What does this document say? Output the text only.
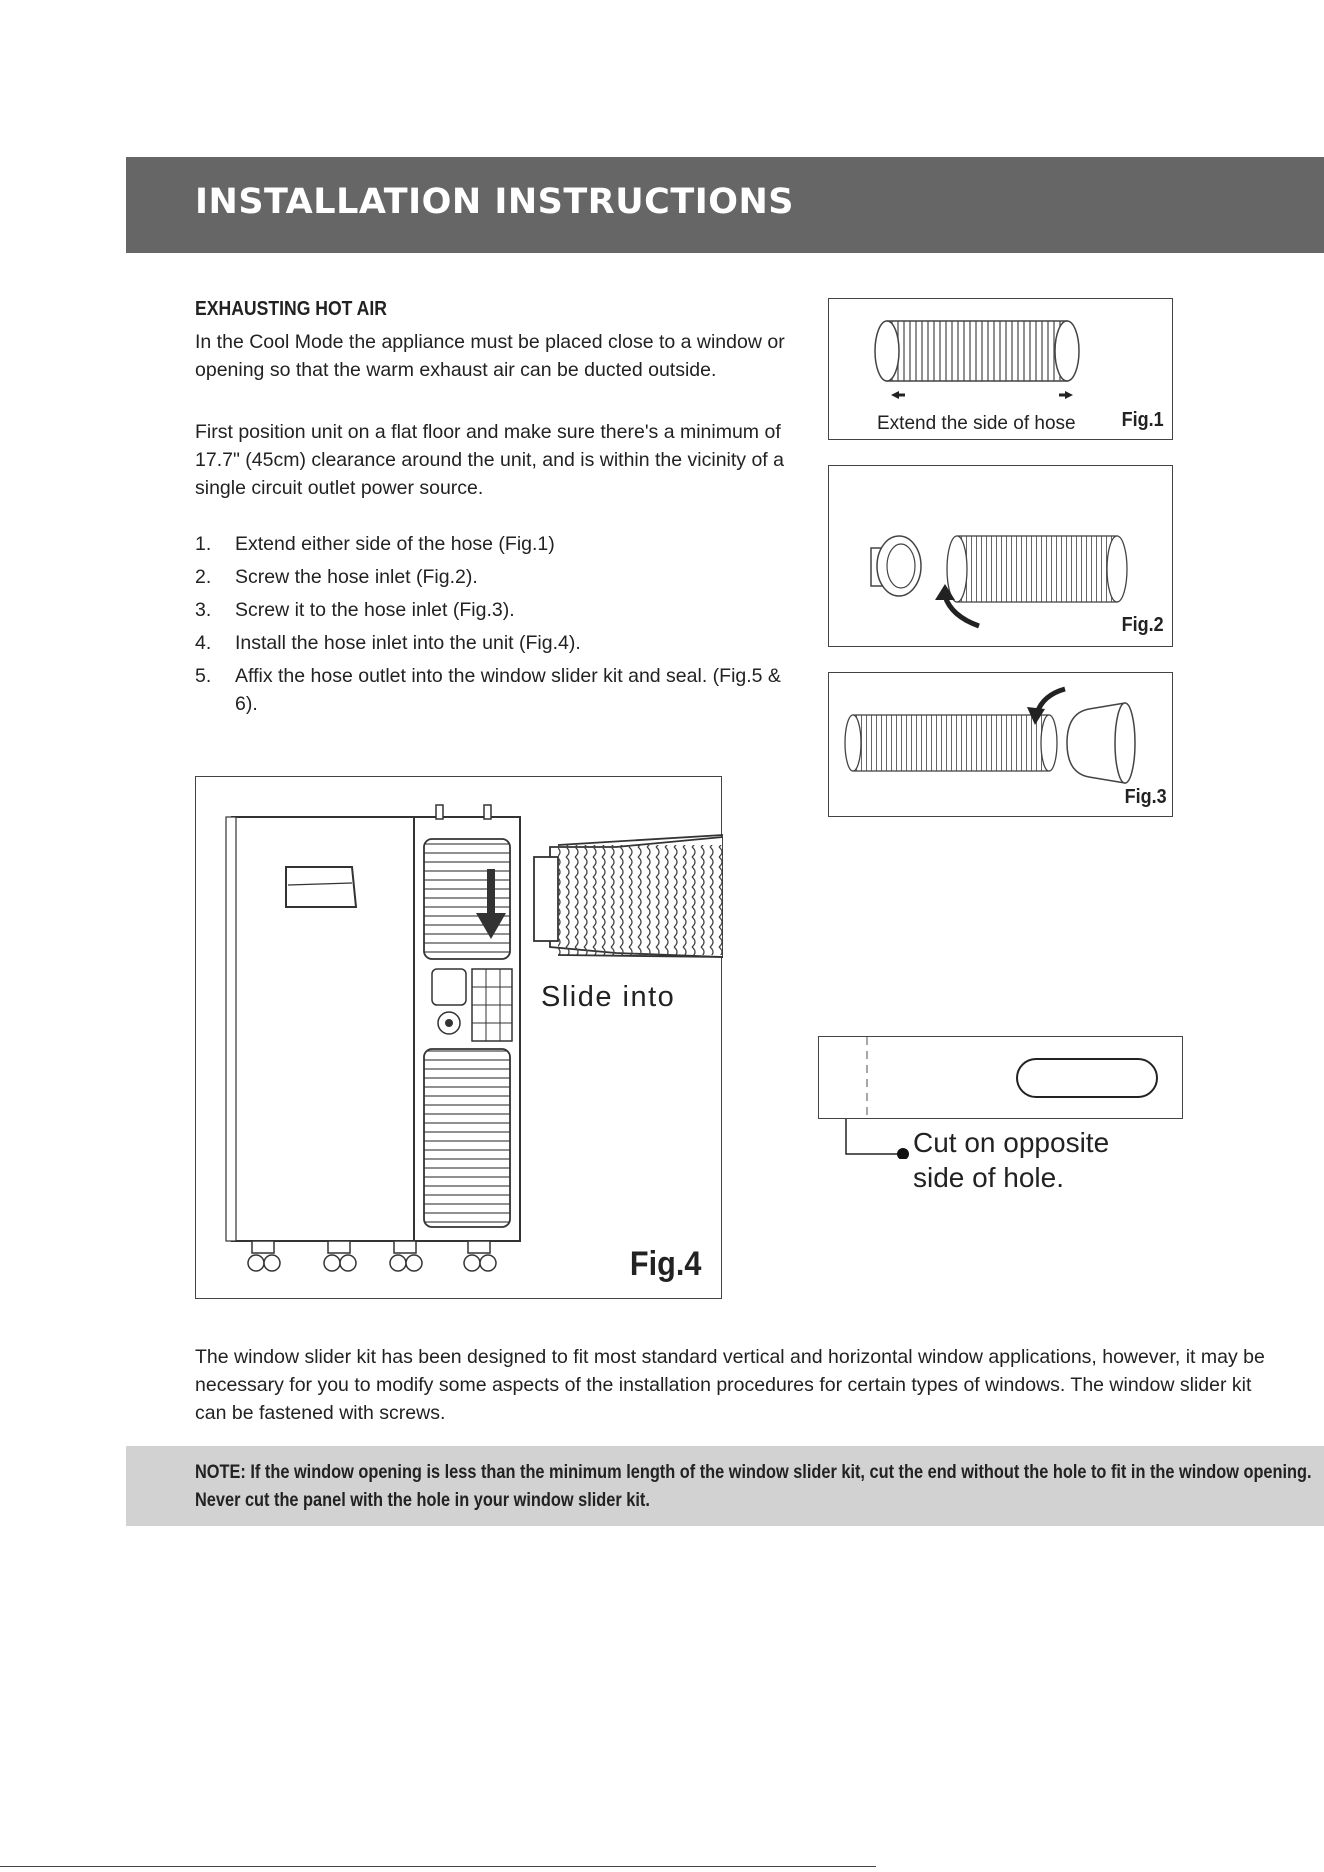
INSTALLATION INSTRUCTIONS
EXHAUSTING HOT AIR

In the Cool Mode the appliance must be placed close to a window or opening so that the warm exhaust air can be ducted outside.

First position unit on a flat floor and make sure there's a minimum of 17.7" (45cm) clearance around the unit, and is within the vicinity of a single circuit outlet power source.

1. Extend either side of the hose (Fig.1)
2. Screw the hose inlet (Fig.2).
3. Screw it to the hose inlet (Fig.3).
4. Install the hose inlet into the unit (Fig.4).
5. Affix the hose outlet into the window slider kit and seal. (Fig.5 & 6).
Extend the side of hose Fig.1
Fig.2
Fig.3
Slide into
Fig.4

Cut on opposite
side of hole.

The window slider kit has been designed to fit most standard vertical and horizontal window applications, however, it may be necessary for you to modify some aspects of the installation procedures for certain types of windows. The window slider kit can be fastened with screws.

NOTE: If the window opening is less than the minimum length of the window slider kit, cut the end without the hole to fit in the window opening. Never cut the panel with the hole in your window slider kit.
